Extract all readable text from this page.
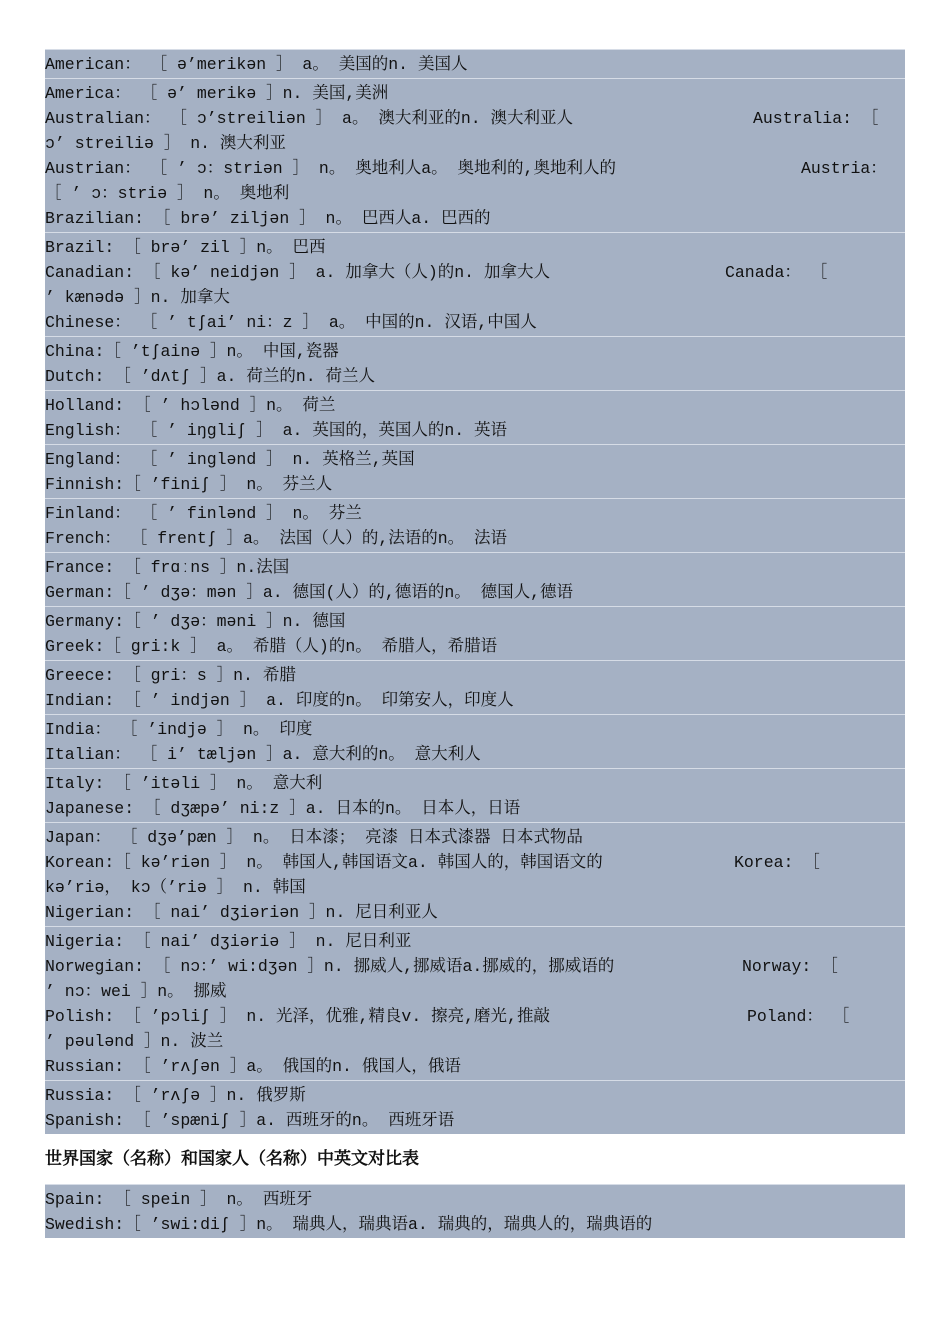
American： ［ ə’merikən ］ a。 美国的n. 美国人
America： ［ ə’ merikə ］n. 美国,美洲
Australian： ［ ɔ’streiliən ］ a。 澳大利亚的n. 澳大利亚人	Australia: ［
ɔ’ streiliə ］ n. 澳大利亚
Austrian： ［ ’ ɔ：striən ］ n。 奥地利人a。 奥地利的,奥地利人的	Austria：
［ ’ ɔ：striə ］ n。 奥地利
Brazilian: ［ brə’ ziljən ］ n。 巴西人a. 巴西的
Brazil: ［ brə’ zil ］n。 巴西
Canadian: ［ kə’ neidjən ］ a. 加拿大（人)的n. 加拿大人	Canada： ［
’ kænədə ］n. 加拿大
Chinese： ［ ’ tʃai’ ni：z ］ a。 中国的n. 汉语,中国人
China:［ ’tʃainə ］n。 中国,瓷器
Dutch: ［ ’dʌtʃ ］a. 荷兰的n. 荷兰人
Holland: ［ ’ hɔlənd ］n。 荷兰
English： ［ ’ iŋgliʃ ］ a. 英国的，英国人的n. 英语
England： ［ ’ inglənd ］ n. 英格兰,英国
Finnish:［ ’finiʃ ］ n。 芬兰人
Finland： ［ ’ finlənd ］ n。 芬兰
French： ［ frentʃ ］a。 法国（人）的,法语的n。 法语
France: ［ frɑːns ］n.法国
German:［ ’ dʒə：mən ］a. 德国(人）的,德语的n。 德国人,德语
Germany:［ ’ dʒə：məni ］n. 德国
Greek:［ gri:k ］ a。 希腊（人)的n。 希腊人，希腊语
Greece: ［ gri：s ］n. 希腊
Indian: ［ ’ indjən ］ a. 印度的n。 印第安人，印度人
India： ［ ’indjə ］ n。 印度
Italian： ［ i’ tæljən ］a. 意大利的n。 意大利人
Italy: ［ ’itəli ］ n。 意大利
Japanese: ［ dʒæpə’ ni:z ］a. 日本的n。 日本人，日语
Japan： ［ dʒə’pæn ］ n。 日本漆； 亮漆 日本式漆器 日本式物品
Korean:［ kə’riən ］ n。 韩国人,韩国语文a. 韩国人的，韩国语文的	Korea: ［
kə’riə， kɔ（’riə ］ n. 韩国
Nigerian: ［ nai’ dʒiəriən ］n. 尼日利亚人
Nigeria: ［ nai’ dʒiəriə ］ n. 尼日利亚
Norwegian: ［ nɔ：’ wi:dʒən ］n. 挪威人,挪威语a.挪威的，挪威语的	Norway: ［
’ nɔ：wei ］n。 挪威
Polish: ［ ’pɔliʃ ］ n. 光泽，优雅,精良v. 擦亮,磨光,推敲	Poland： ［
’ pəulənd ］n. 波兰
Russian: ［ ’rʌʃən ］a。 俄国的n. 俄国人，俄语
Russia: ［ ’rʌʃə ］n. 俄罗斯
Spanish: ［ ’spæniʃ ］a. 西班牙的n。 西班牙语
世界国家（名称）和国家人（名称）中英文对比表
Spain: ［ spein ］ n。 西班牙
Swedish:［ ’swi:diʃ ］n。 瑞典人，瑞典语a. 瑞典的，瑞典人的，瑞典语的
